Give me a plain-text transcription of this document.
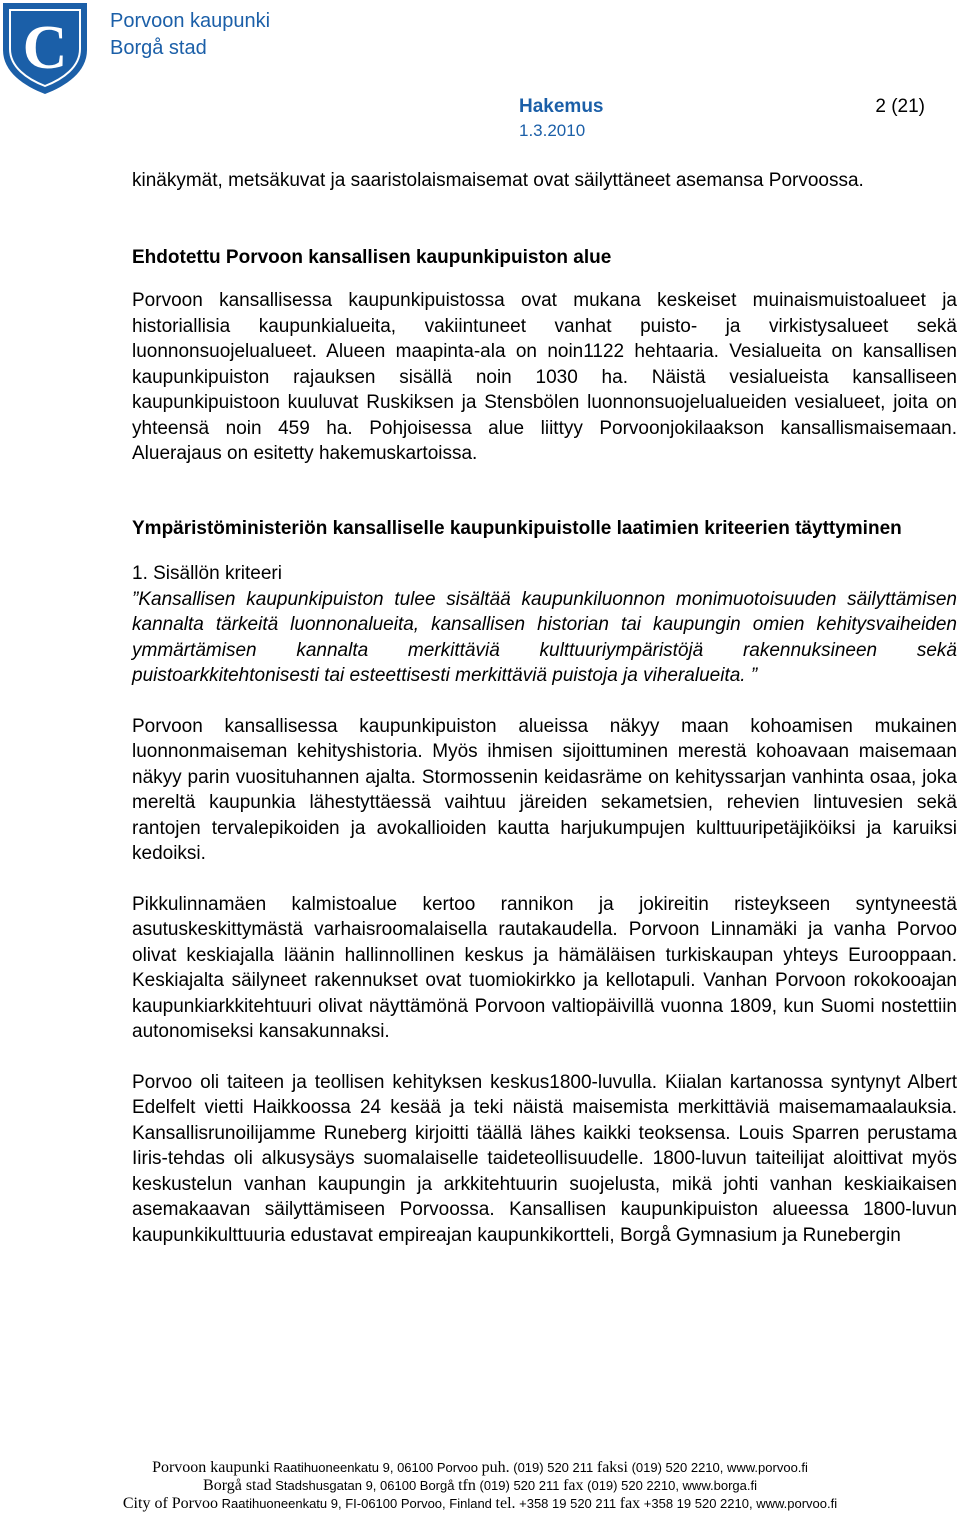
C Porvoon kaupunki
Borgå stad
Hakemus
1.3.2010
2 (21)

kinäkymät, metsäkuvat ja saaristolaismaisemat ovat säilyttäneet asemansa Porvoossa.

Ehdotettu Porvoon kansallisen kaupunkipuiston alue

Porvoon kansallisessa kaupunkipuistossa ovat mukana keskeiset muinaismuistoalueet ja historiallisia kaupunkialueita, vakiintuneet vanhat puisto- ja virkistysalueet sekä luonnonsuojelualueet. Alueen maapinta-ala on noin1122 hehtaaria. Vesialueita on kansallisen kaupunkipuiston rajauksen sisällä noin 1030 ha. Näistä vesialueista kansalliseen kaupunkipuistoon kuuluvat Ruskiksen ja Stensbölen luonnonsuojelualueiden vesialueet, joita on yhteensä noin 459 ha. Pohjoisessa alue liittyy Porvoonjokilaakson kansallismaisemaan. Aluerajaus on esitetty hakemuskartoissa.

Ympäristöministeriön kansalliselle kaupunkipuistolle laatimien kriteerien täyttyminen

1. Sisällön kriteeri

”Kansallisen kaupunkipuiston tulee sisältää kaupunkiluonnon monimuotoisuuden säilyttämisen kannalta tärkeitä luonnonalueita, kansallisen historian tai kaupungin omien kehitysvaiheiden ymmärtämisen kannalta merkittäviä kulttuuriympäristöjä rakennuksineen sekä puistoarkkitehtonisesti tai esteettisesti merkittäviä puistoja ja viheralueita. ”

Porvoon kansallisessa kaupunkipuiston alueissa näkyy maan kohoamisen mukainen luonnonmaiseman kehityshistoria. Myös ihmisen sijoittuminen merestä kohoavaan maisemaan näkyy parin vuosituhannen ajalta. Stormossenin keidasräme on kehityssarjan vanhinta osaa, joka mereltä kaupunkia lähestyttäessä vaihtuu järeiden sekametsien, rehevien lintuvesien sekä rantojen tervalepikoiden ja avokallioiden kautta harjukumpujen kulttuuripetäjiköiksi ja karuiksi kedoiksi.

Pikkulinnamäen kalmistoalue kertoo rannikon ja jokireitin risteykseen syntyneestä asutuskeskittymästä varhaisroomalaisella rautakaudella. Porvoon Linnamäki ja vanha Porvoo olivat keskiajalla läänin hallinnollinen keskus ja hämäläisen turkiskaupan yhteys Eurooppaan. Keskiajalta säilyneet rakennukset ovat tuomiokirkko ja kellotapuli. Vanhan Porvoon rokokooajan kaupunkiarkkitehtuuri olivat näyttämönä Porvoon valtiopäivillä vuonna 1809, kun Suomi nostettiin autonomiseksi kansakunnaksi.

Porvoo oli taiteen ja teollisen kehityksen keskus1800-luvulla. Kiialan kartanossa syntynyt Albert Edelfelt vietti Haikkoossa 24 kesää ja teki näistä maisemista merkittäviä maisemamaalauksia. Kansallisrunoilijamme Runeberg kirjoitti täällä lähes kaikki teoksensa. Louis Sparren perustama Iiris-tehdas oli alkusysäys suomalaiselle taideteollisuudelle. 1800-luvun taiteilijat aloittivat myös keskustelun vanhan kaupungin ja arkkitehtuurin suojelusta, mikä johti vanhan keskiaikaisen asemakaavan säilyttämiseen Porvoossa. Kansallisen kaupunkipuiston alueessa 1800-luvun kaupunkikulttuuria edustavat empireajan kaupunkikortteli, Borgå Gymnasium ja Runebergin

Porvoon kaupunki Raatihuoneenkatu 9, 06100 Porvoo puh. (019) 520 211 faksi (019) 520 2210, www.porvoo.fi
Borgå stad Stadshusgatan 9, 06100 Borgå tfn (019) 520 211 fax (019) 520 2210, www.borga.fi
City of Porvoo Raatihuoneenkatu 9, FI-06100 Porvoo, Finland tel. +358 19 520 211 fax +358 19 520 2210, www.porvoo.fi
